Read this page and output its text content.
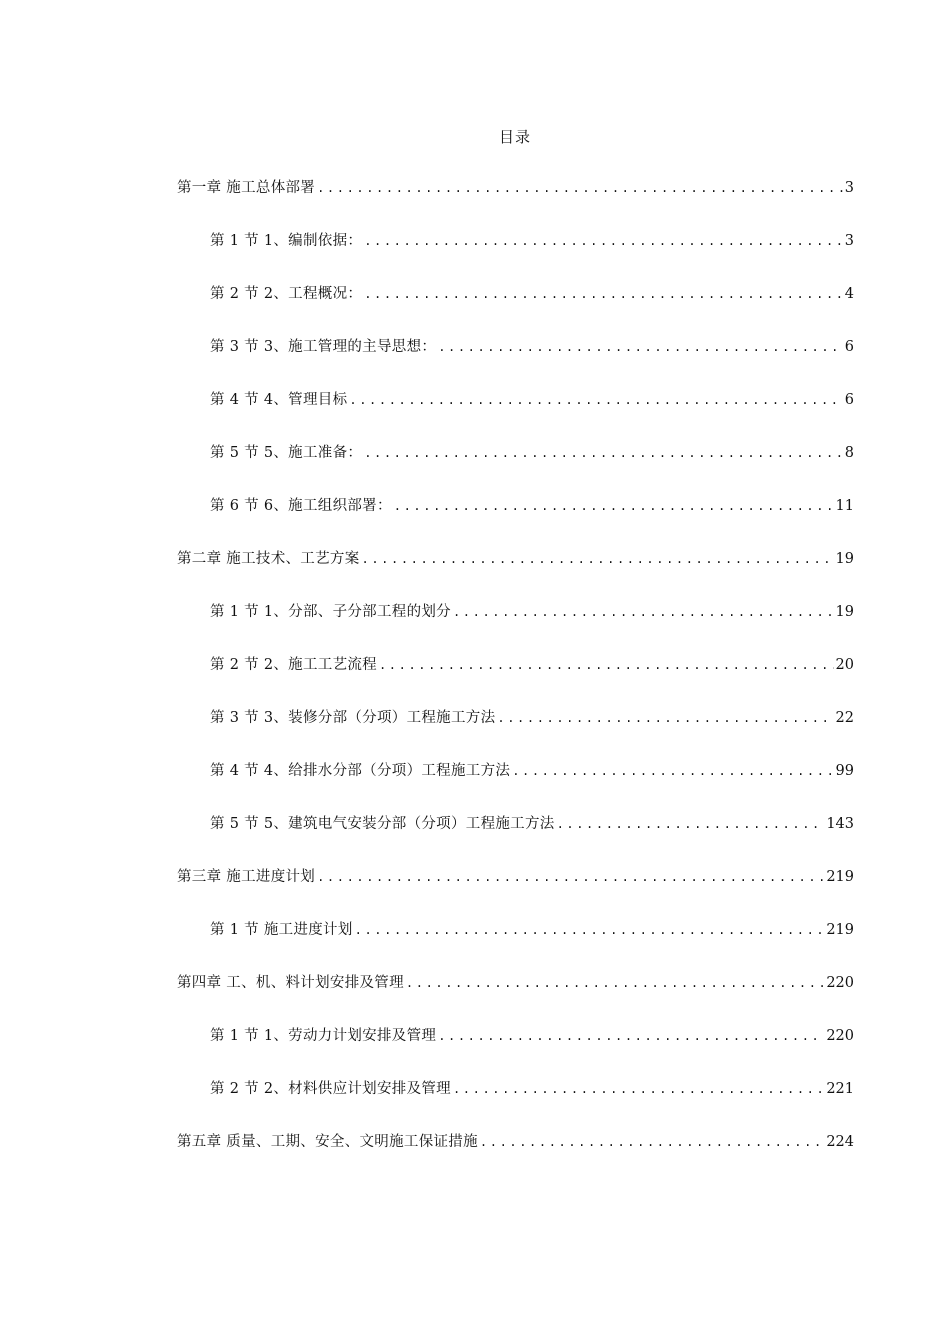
目录
第一章 施工总体部署 .....	3
第 1 节 1、编制依据： .....	3
第 2 节 2、工程概况： .....	4
第 3 节 3、施工管理的主导思想： .....	6
第 4 节 4、管理目标 .....	6
第 5 节 5、施工准备： .....	8
第 6 节 6、施工组织部署： .....	11
第二章 施工技术、工艺方案 .....	19
第 1 节 1、分部、子分部工程的划分 .....	19
第 2 节 2、施工工艺流程 .....	20
第 3 节 3、装修分部（分项）工程施工方法 .....	22
第 4 节 4、给排水分部（分项）工程施工方法 .....	99
第 5 节 5、建筑电气安装分部（分项）工程施工方法 .....	143
第三章 施工进度计划 .....	219
第 1 节 施工进度计划 .....	219
第四章 工、机、料计划安排及管理 .....	220
第 1 节 1、劳动力计划安排及管理 .....	220
第 2 节 2、材料供应计划安排及管理 .....	221
第五章 质量、工期、安全、文明施工保证措施 .....	224
